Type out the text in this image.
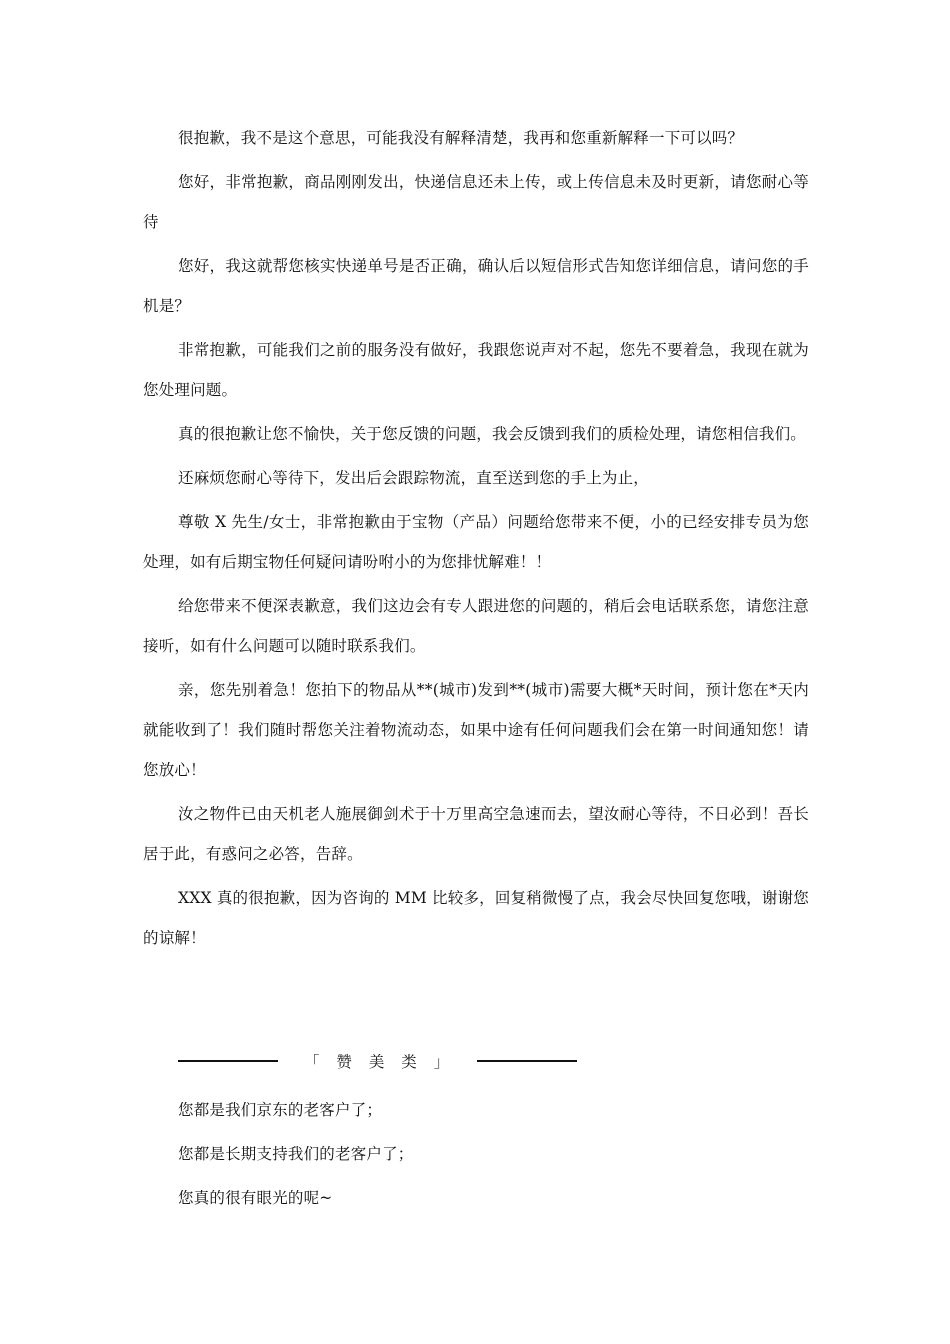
很抱歉，我不是这个意思，可能我没有解释清楚，我再和您重新解释一下可以吗？

您好，非常抱歉，商品刚刚发出，快递信息还未上传，或上传信息未及时更新，请您耐心等待

您好，我这就帮您核实快递单号是否正确，确认后以短信形式告知您详细信息，请问您的手机是？

非常抱歉，可能我们之前的服务没有做好，我跟您说声对不起，您先不要着急，我现在就为您处理问题。

真的很抱歉让您不愉快，关于您反馈的问题，我会反馈到我们的质检处理，请您相信我们。

还麻烦您耐心等待下，发出后会跟踪物流，直至送到您的手上为止，

尊敬 X 先生/女士，非常抱歉由于宝物（产品）问题给您带来不便，小的已经安排专员为您处理，如有后期宝物任何疑问请吩咐小的为您排忧解难！！

给您带来不便深表歉意，我们这边会有专人跟进您的问题的，稍后会电话联系您，请您注意接听，如有什么问题可以随时联系我们。

亲，您先别着急！您拍下的物品从**(城市)发到**(城市)需要大概*天时间，预计您在*天内就能收到了！我们随时帮您关注着物流动态，如果中途有任何问题我们会在第一时间通知您！请您放心！

汝之物件已由天机老人施展御剑术于十万里高空急速而去，望汝耐心等待，不日必到！吾长居于此，有惑问之必答，告辞。

XXX 真的很抱歉，因为咨询的 MM 比较多，回复稍微慢了点，我会尽快回复您哦，谢谢您的谅解！

「 赞 美 类 」

您都是我们京东的老客户了；

您都是长期支持我们的老客户了；

您真的很有眼光的呢~
